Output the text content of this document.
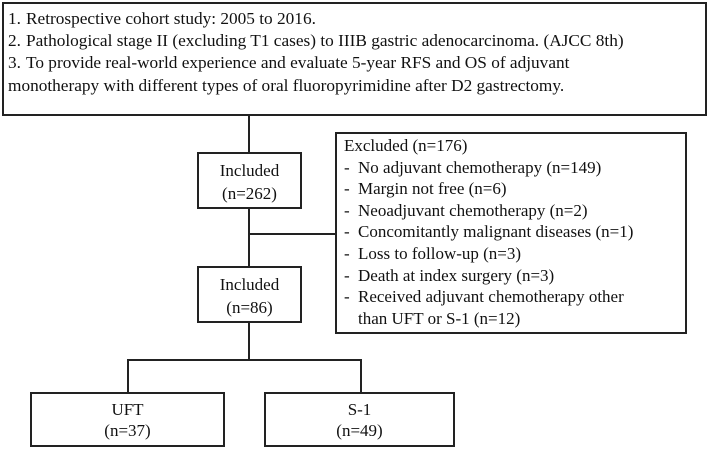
1. Retrospective cohort study: 2005 to 2016.
2. Pathological stage II (excluding T1 cases) to IIIB gastric adenocarcinoma. (AJCC 8th)
3. To provide real-world experience and evaluate 5-year RFS and OS of adjuvant
monotherapy with different types of oral fluoropyrimidine after D2 gastrectomy.
Included
(n=262)
Included
(n=86)
Excluded (n=176)
- No adjuvant chemotherapy (n=149)
- Margin not free (n=6)
- Neoadjuvant chemotherapy (n=2)
- Concomitantly malignant diseases (n=1)
- Loss to follow-up (n=3)
- Death at index surgery (n=3)
- Received adjuvant chemotherapy other
than UFT or S-1 (n=12)
UFT
(n=37)
S-1
(n=49)
